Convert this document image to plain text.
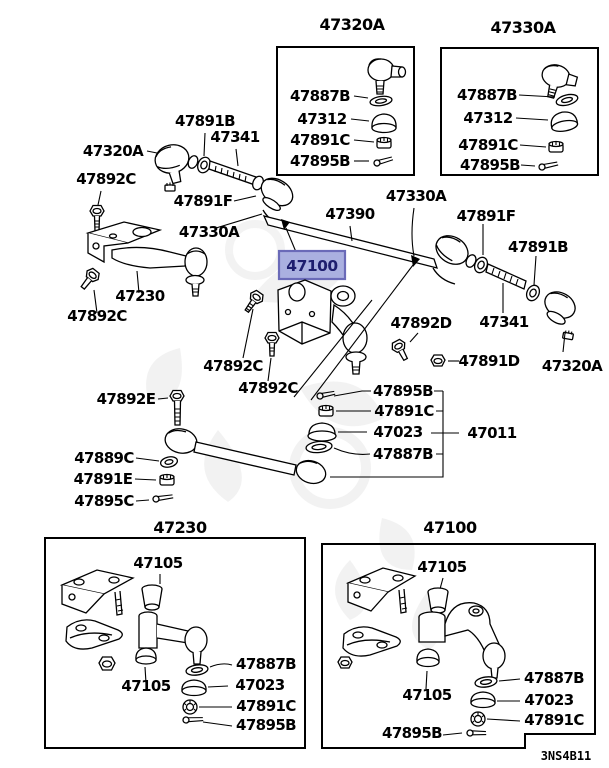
47320A
47887B
47312
47891C
47895B
47330A
47887B
47312
47891C
47895B
47891B
47341
47320A
47891F
47330A
47892C
47230
47892C
47390
47330A
47100
47892C
47892C
47892D
47891D
47891F
47891B
47341
47320A
47892E
47889C
47891E
47895C
47895B
47891C
47023	47011
47887B
47230
47105
47105
47887B
47023
47891C
47895B
47100
47105
47105
47887B
47023
47891C
47895B
3NS4B11
